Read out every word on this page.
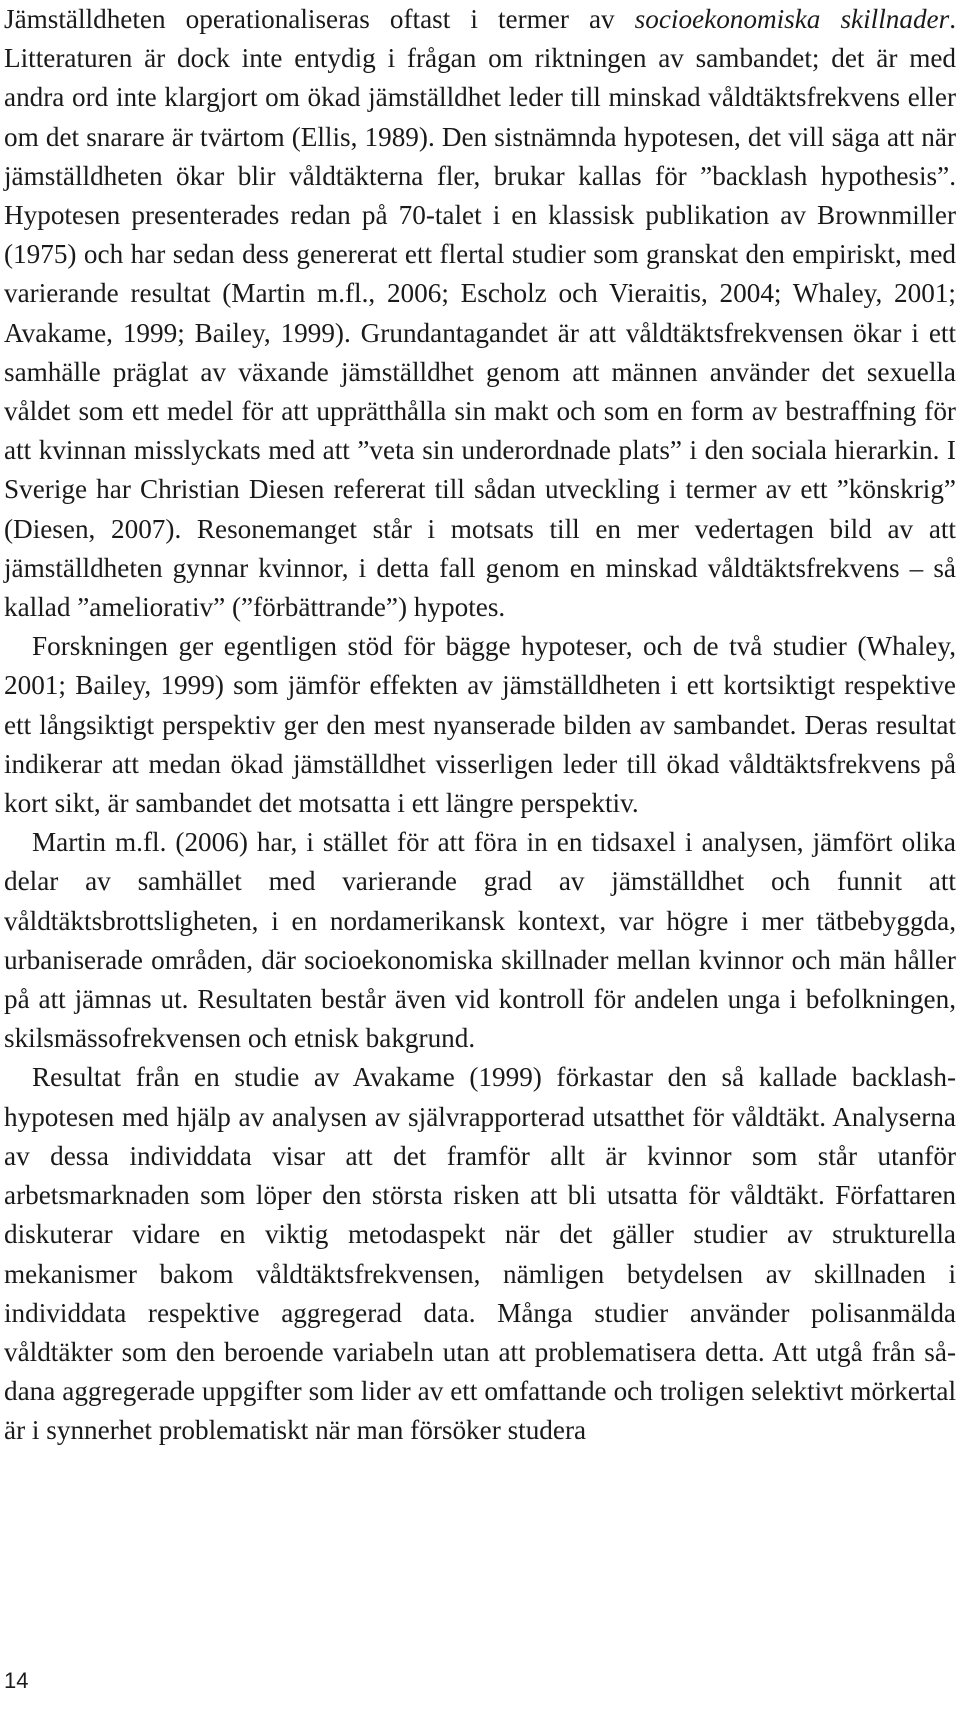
Jämställdheten operationaliseras oftast i termer av socioekonomiska skillnader. Litteraturen är dock inte entydig i frågan om riktningen av sambandet; det är med andra ord inte klargjort om ökad jämställdhet leder till minskad våldtäktsfrekvens eller om det snarare är tvärtom (Ellis, 1989). Den sistnämnda hypotesen, det vill säga att när jämställdheten ökar blir våldtäkterna fler, brukar kallas för ”backlash hypothesis”. Hypotesen presenterades redan på 70-talet i en klassisk publikation av Brownmiller (1975) och har sedan dess genererat ett flertal studier som granskat den empiriskt, med varierande resultat (Martin m.fl., 2006; Escholz och Vieraitis, 2004; Whaley, 2001; Avakame, 1999; Bailey, 1999). Grundantagandet är att våldtäktsfrekvensen ökar i ett samhälle präglat av växande jämställdhet genom att männen använder det sexuella våldet som ett medel för att upprätthålla sin makt och som en form av bestraffning för att kvinnan misslyckats med att ”veta sin underordnade plats” i den sociala hierarkin. I Sverige har Christian Diesen refererat till sådan utveckling i termer av ett ”könskrig” (Diesen, 2007). Resonemanget står i motsats till en mer vedertagen bild av att jämställdheten gynnar kvinnor, i detta fall genom en minskad våldtäktsfrekvens – så kallad ”ameliorativ” (”förbättrande”) hypotes.

Forskningen ger egentligen stöd för bägge hypoteser, och de två studier (Whaley, 2001; Bailey, 1999) som jämför effekten av jämställdheten i ett kortsiktigt respektive ett långsiktigt perspektiv ger den mest nyanserade bilden av sambandet. Deras resultat indikerar att medan ökad jämställdhet visserligen leder till ökad våldtäktsfrekvens på kort sikt, är sambandet det motsatta i ett längre perspektiv.

Martin m.fl. (2006) har, i stället för att föra in en tidsaxel i analysen, jämfört olika delar av samhället med varierande grad av jämställdhet och funnit att våldtäktsbrottsligheten, i en nordamerikansk kontext, var högre i mer tätbebyggda, urbaniserade områden, där socioekonomiska skillnader mellan kvinnor och män håller på att jämnas ut. Resultaten består även vid kontroll för andelen unga i befolkningen, skilsmässofrekvensen och etnisk bakgrund.

Resultat från en studie av Avakame (1999) förkastar den så kallade backlash-hypotesen med hjälp av analysen av självrapporterad utsatthet för våldtäkt. Analyserna av dessa individdata visar att det framför allt är kvinnor som står utanför arbetsmarknaden som löper den största risken att bli utsatta för våldtäkt. Författaren diskuterar vidare en viktig metodaspekt när det gäller studier av strukturella mekanismer bakom våldtäktsfrekvensen, nämligen betydelsen av skillnaden i individdata respektive aggregerad data. Många studier använder polisanmälda våldtäkter som den beroende variabeln utan att problematisera detta. Att utgå från sådana aggregerade uppgifter som lider av ett omfattande och troligen selektivt mörkertal är i synnerhet problematiskt när man försöker studera

14
